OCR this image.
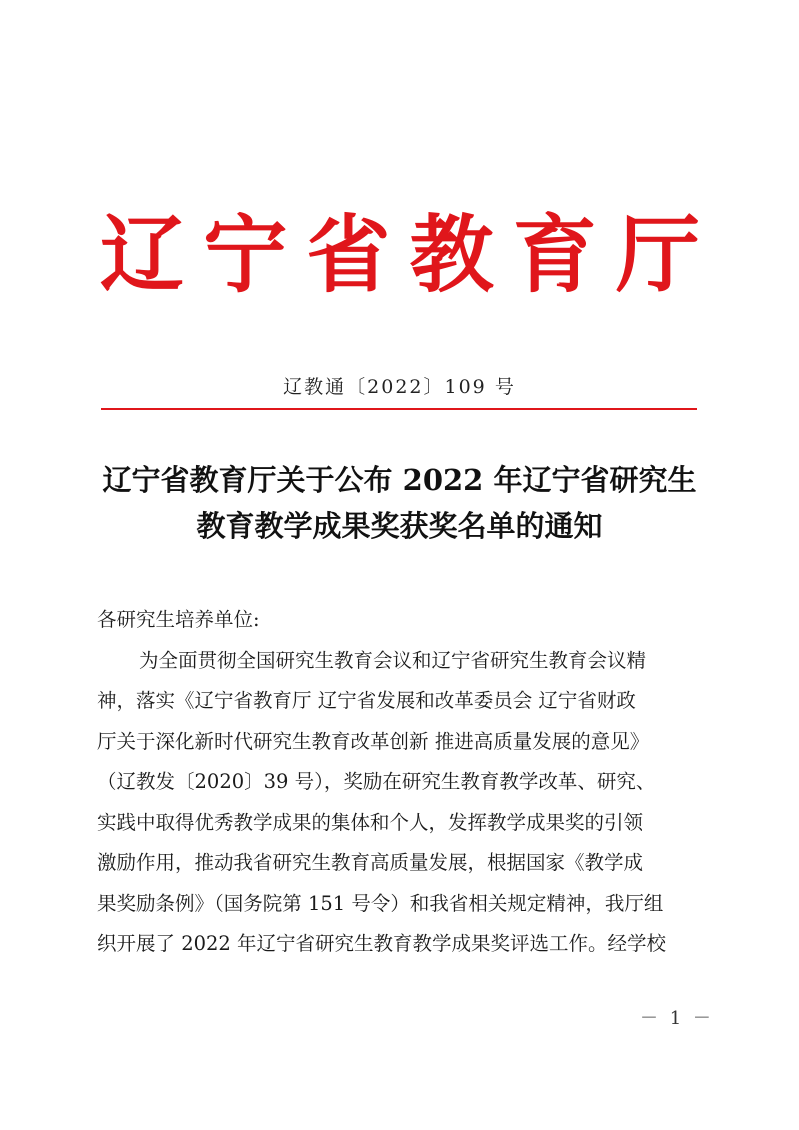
辽 宁 省 教 育 厅
辽教通〔2022〕109 号
辽宁省教育厅关于公布 2022 年辽宁省研究生
教育教学成果奖获奖名单的通知
各研究生培养单位:
为全面贯彻全国研究生教育会议和辽宁省研究生教育会议精
神，落实《辽宁省教育厅 辽宁省发展和改革委员会 辽宁省财政
厅关于深化新时代研究生教育改革创新 推进高质量发展的意见》
（辽教发〔2020〕39 号），奖励在研究生教育教学改革、研究、
实践中取得优秀教学成果的集体和个人，发挥教学成果奖的引领
激励作用，推动我省研究生教育高质量发展，根据国家《教学成
果奖励条例》（国务院第 151 号令）和我省相关规定精神，我厅组
织开展了 2022 年辽宁省研究生教育教学成果奖评选工作。经学校
－ 1 －
